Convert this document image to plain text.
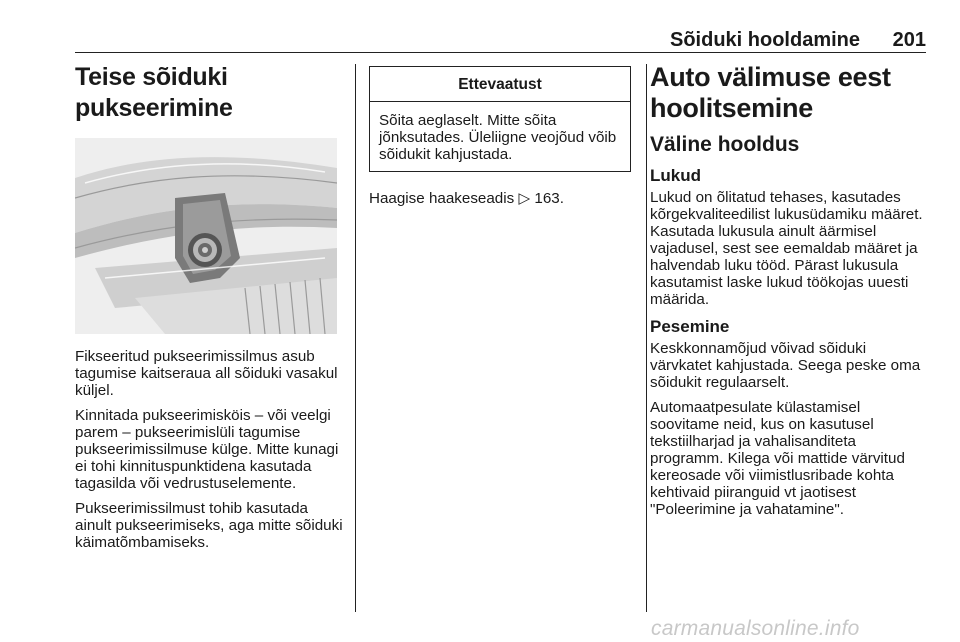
Sõiduki hooldamine	201
Teise sõiduki pukseerimine

Fikseeritud pukseerimissilmus asub tagumise kaitseraua all sõiduki vasakul küljel.

Kinnitada pukseerimisköis – või veelgi parem – pukseerimislüli tagumise pukseerimissilmuse külge. Mitte kunagi ei tohi kinnituspunktidena kasutada tagasilda või vedrustuselemente.

Pukseerimissilmust tohib kasutada ainult pukseerimiseks, aga mitte sõiduki käimatõmbamiseks.

Ettevaatust

Sõita aeglaselt. Mitte sõita jõnksutades. Üleliigne veojõud võib sõidukit kahjustada.

Haagise haakeseadis ▷ 163.

Auto välimuse eest hoolitsemine
Väline hooldus
Lukud

Lukud on õlitatud tehases, kasutades kõrgekvaliteedilist lukusüdamiku määret. Kasutada lukusula ainult äärmisel vajadusel, sest see eemaldab määret ja halvendab luku tööd. Pärast lukusula kasutamist laske lukud töökojas uuesti määrida.

Pesemine

Keskkonnamõjud võivad sõiduki värvkatet kahjustada. Seega peske oma sõidukit regulaarselt.

Automaatpesulate külastamisel soovitame neid, kus on kasutusel tekstiilharjad ja vahalisanditeta programm. Kilega või mattide värvitud kereosade või viimistlusribade kohta kehtivaid piiranguid vt jaotisest "Poleerimine ja vahatamine".

carmanualsonline.info
